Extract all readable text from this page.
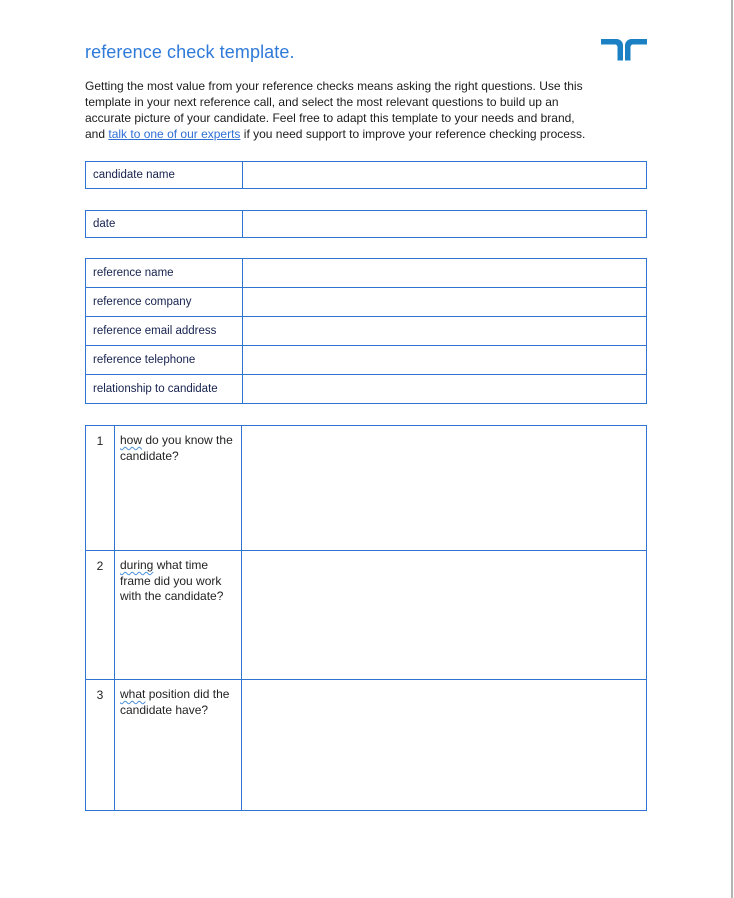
reference check template.

Getting the most value from your reference checks means asking the right questions. Use this
template in your next reference call, and select the most relevant questions to build up an
accurate picture of your candidate. Feel free to adapt this template to your needs and brand,
and talk to one of our experts if you need support to improve your reference checking process.

candidate name
date
reference name
reference company
reference email address
reference telephone
relationship to candidate
1	how do you know the candidate?
2	during what time frame did you work with the candidate?
3	what position did the candidate have?
